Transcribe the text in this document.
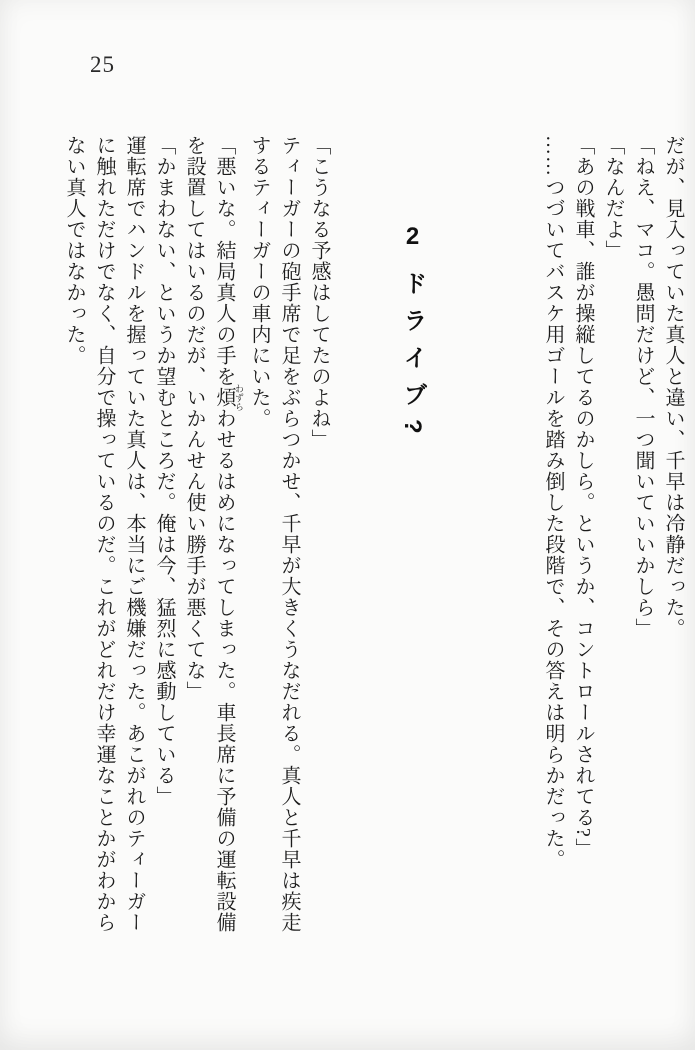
25

だが、見入っていた真人と違い、千早は冷静だった。

「ねえ、マコ。愚問だけど、一つ聞いていいかしら」

「なんだよ」

「あの戦車、誰が操縦してるのかしら。というか、コントロールされてる?」

……つづいてバスケ用ゴールを踏み倒した段階で、その答えは明らかだった。

2ドライブ?

「こうなる予感はしてたのよね」

ティーガーの砲手席で足をぶらつかせ、千早が大きくうなだれる。真人と千早は疾走するティーガーの車内にいた。

「悪いな。結局真人の手を煩 わずらわせるはめになってしまった。車長席に予備の運転設備を設置してはいるのだが、いかんせん使い勝手が悪くてな」

「かまわない、というか望むところだ。俺は今、猛烈に感動している」

運転席でハンドルを握っていた真人は、本当にご機嫌だった。あこがれのティーガーに触れただけでなく、自分で操っているのだ。これがどれだけ幸運なことかがわからない真人ではなかった。
